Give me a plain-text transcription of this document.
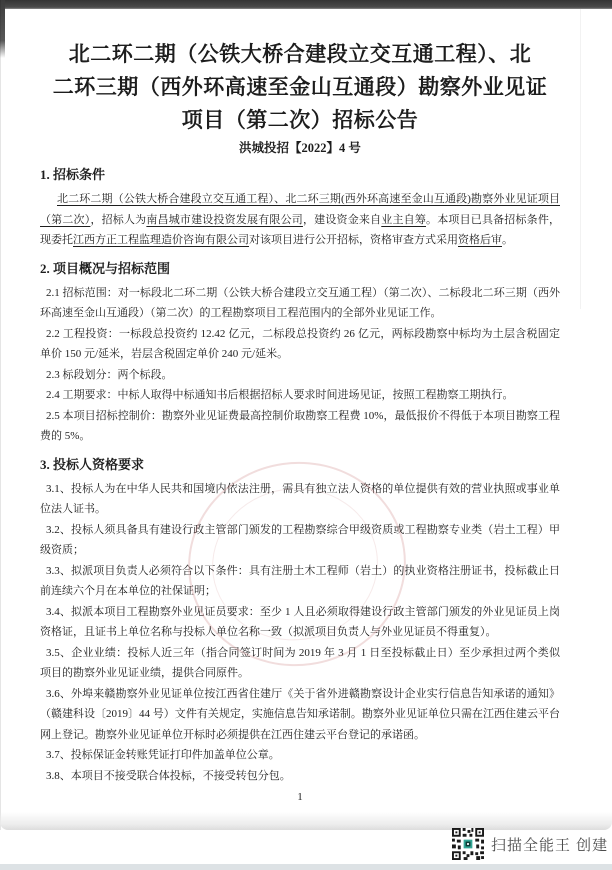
北二环二期（公铁大桥合建段立交互通工程）、北
二环三期（西外环高速至金山互通段）勘察外业见证
项目（第二次）招标公告
洪城投招【2022】4 号
1. 招标条件

北二环二期（公铁大桥合建段立交互通工程）、北二环三期(西外环高速至金山互通段)勘察外业见证项目（第二次），招标人为南昌城市建设投资发展有限公司，建设资金来自业主自筹。本项目已具备招标条件，现委托江西方正工程监理造价咨询有限公司对该项目进行公开招标，资格审查方式采用资格后审。

2. 项目概况与招标范围

2.1 招标范围：对一标段北二环二期（公铁大桥合建段立交互通工程）（第二次）、二标段北二环三期（西外环高速至金山互通段）（第二次）的工程勘察项目工程范围内的全部外业见证工作。

2.2 工程投资：一标段总投资约 12.42 亿元，二标段总投资约 26 亿元，两标段勘察中标均为土层含税固定单价 150 元/延米，岩层含税固定单价 240 元/延米。

2.3 标段划分：两个标段。

2.4 工期要求：中标人取得中标通知书后根据招标人要求时间进场见证，按照工程勘察工期执行。

2.5 本项目招标控制价：勘察外业见证费最高控制价取勘察工程费 10%，最低报价不得低于本项目勘察工程费的 5%。

3. 投标人资格要求

3.1、投标人为在中华人民共和国境内依法注册，需具有独立法人资格的单位提供有效的营业执照或事业单位法人证书。

3.2、投标人须具备具有建设行政主管部门颁发的工程勘察综合甲级资质或工程勘察专业类（岩土工程）甲级资质；

3.3、拟派项目负责人必须符合以下条件：具有注册土木工程师（岩土）的执业资格注册证书，投标截止日前连续六个月在本单位的社保证明；

3.4、拟派本项目工程勘察外业见证员要求：至少 1 人且必须取得建设行政主管部门颁发的外业见证员上岗资格证，且证书上单位名称与投标人单位名称一致（拟派项目负责人与外业见证员不得重复）。

3.5、企业业绩：投标人近三年（指合同签订时间为 2019 年 3 月 1 日至投标截止日）至少承担过两个类似项目的勘察外业见证业绩，提供合同原件。

3.6、外埠来赣勘察外业见证单位按江西省住建厅《关于省外进赣勘察设计企业实行信息告知承诺的通知》（赣建科设〔2019〕44 号）文件有关规定，实施信息告知承诺制。勘察外业见证单位只需在江西住建云平台网上登记。勘察外业见证单位开标时必须提供在江西住建云平台登记的承诺函。

3.7、投标保证金转账凭证打印件加盖单位公章。

3.8、本项目不接受联合体投标，不接受转包分包。

1
扫描全能王 创建
